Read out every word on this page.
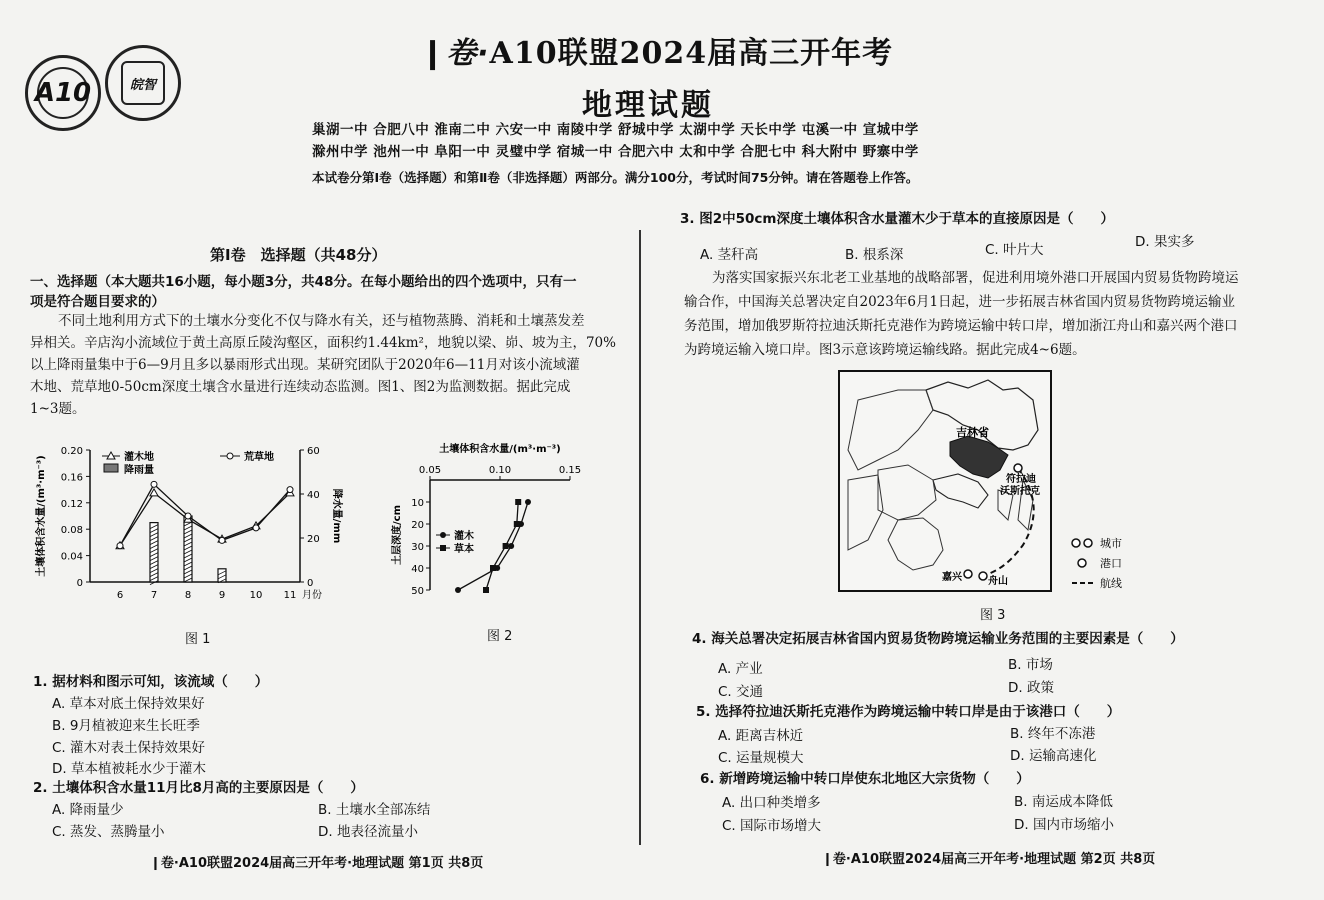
A10	皖智
❙卷·A10联盟2024届高三开年考
地理试题
巢湖一中 合肥八中 淮南二中 六安一中 南陵中学 舒城中学 太湖中学 天长中学 屯溪一中 宣城中学
滁州中学 池州一中 阜阳一中 灵璧中学 宿城一中 合肥六中 太和中学 合肥七中 科大附中 野寨中学
本试卷分第Ⅰ卷（选择题）和第Ⅱ卷（非选择题）两部分。满分100分，考试时间75分钟。请在答题卷上作答。
第Ⅰ卷　选择题（共48分）
一、选择题（本大题共16小题，每小题3分，共48分。在每小题给出的四个选项中，只有一
项是符合题目要求的）
不同土地利用方式下的土壤水分变化不仅与降水有关，还与植物蒸腾、消耗和土壤蒸发差
异相关。辛店沟小流域位于黄土高原丘陵沟壑区，面积约1.44km²，地貌以梁、峁、坡为主，70%
以上降雨量集中于6—9月且多以暴雨形式出现。某研究团队于2020年6—11月对该小流域灌
木地、荒草地0-50cm深度土壤含水量进行连续动态监测。图1、图2为监测数据。据此完成
1~3题。
0
0.04
0.08
0.12
0.16
0.20
0
20
40
60
6	7	8	9 10 11 月份
土壤体积含水量/(m³·m⁻³)	降水量/mm
灌木地
降雨量
荒草地
图 1
土壤体积含水量/(m³·m⁻³)
0.05	0.10	0.15
10
20
30
40
50
土层深度/cm	灌木
草本
图 2
1. 据材料和图示可知，该流域（　　）
A. 草本对底土保持效果好
B. 9月植被迎来生长旺季
C. 灌木对表土保持效果好
D. 草本植被耗水少于灌木
2. 土壤体积含水量11月比8月高的主要原因是（　　）
A. 降雨量少	B. 土壤水全部冻结
C. 蒸发、蒸腾量小	D. 地表径流量小
❙卷·A10联盟2024届高三开年考·地理试题 第1页 共8页
3. 图2中50cm深度土壤体积含水量灌木少于草本的直接原因是（　　）
A. 茎秆高	B. 根系深	C. 叶片大	D. 果实多
为落实国家振兴东北老工业基地的战略部署，促进利用境外港口开展国内贸易货物跨境运
输合作，中国海关总署决定自2023年6月1日起，进一步拓展吉林省国内贸易货物跨境运输业
务范围，增加俄罗斯符拉迪沃斯托克港作为跨境运输中转口岸，增加浙江舟山和嘉兴两个港口
为跨境运输入境口岸。图3示意该跨境运输线路。据此完成4~6题。
吉林省
符拉迪
沃斯托克
嘉兴	舟山
城市
港口
航线
图 3
4. 海关总署决定拓展吉林省国内贸易货物跨境运输业务范围的主要因素是（　　）
A. 产业	B. 市场
C. 交通	D. 政策
5. 选择符拉迪沃斯托克港作为跨境运输中转口岸是由于该港口（　　）
A. 距离吉林近	B. 终年不冻港
C. 运量规模大	D. 运输高速化
6. 新增跨境运输中转口岸使东北地区大宗货物（　　）
A. 出口种类增多	B. 南运成本降低
C. 国际市场增大	D. 国内市场缩小
❙卷·A10联盟2024届高三开年考·地理试题 第2页 共8页
